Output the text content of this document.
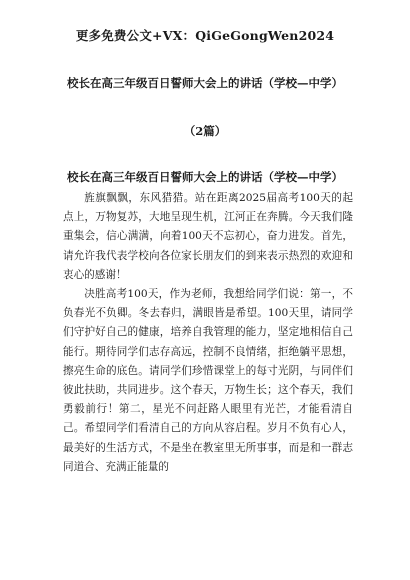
更多免费公文+VX：QiGeGongWen2024
校长在高三年级百日誓师大会上的讲话（学校—中学）
（2篇）
校长在高三年级百日誓师大会上的讲话（学校—中学）

旌旗飘飘，东风猎猎。站在距离2025届高考100天的起点上，万物复苏，大地呈现生机，江河正在奔腾。今天我们隆重集会，信心满满，向着100天不忘初心，奋力进发。首先，请允许我代表学校向各位家长朋友们的到来表示热烈的欢迎和衷心的感谢！

决胜高考100天，作为老师，我想给同学们说：第一，不负春光不负卿。冬去春归，满眼皆是希望。100天里，请同学们守护好自己的健康，培养自我管理的能力，坚定地相信自己能行。期待同学们志存高远，控制不良情绪，拒绝躺平思想，擦亮生命的底色。请同学们珍惜课堂上的每寸光阴，与同伴们彼此扶助，共同进步。这个春天，万物生长；这个春天，我们勇毅前行！第二，星光不问赶路人眼里有光芒，才能看清自己。希望同学们看清自己的方向从容启程。岁月不负有心人，最美好的生活方式，不是坐在教室里无所事事，而是和一群志同道合、充满正能量的
